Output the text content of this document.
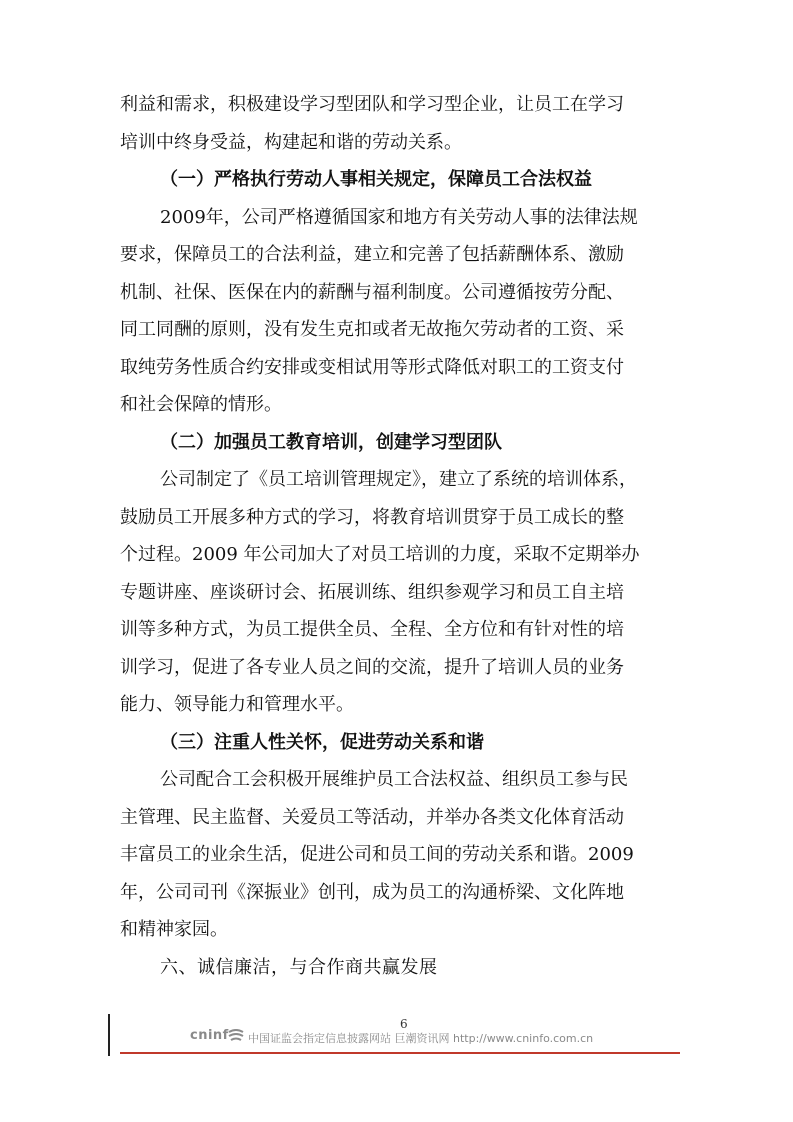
利益和需求，积极建设学习型团队和学习型企业，让员工在学习
培训中终身受益，构建起和谐的劳动关系。
（一）严格执行劳动人事相关规定，保障员工合法权益
2009年，公司严格遵循国家和地方有关劳动人事的法律法规
要求，保障员工的合法利益，建立和完善了包括薪酬体系、激励
机制、社保、医保在内的薪酬与福利制度。公司遵循按劳分配、
同工同酬的原则，没有发生克扣或者无故拖欠劳动者的工资、采
取纯劳务性质合约安排或变相试用等形式降低对职工的工资支付
和社会保障的情形。
（二）加强员工教育培训，创建学习型团队
公司制定了《员工培训管理规定》，建立了系统的培训体系，
鼓励员工开展多种方式的学习，将教育培训贯穿于员工成长的整
个过程。2009 年公司加大了对员工培训的力度，采取不定期举办
专题讲座、座谈研讨会、拓展训练、组织参观学习和员工自主培
训等多种方式，为员工提供全员、全程、全方位和有针对性的培
训学习，促进了各专业人员之间的交流，提升了培训人员的业务
能力、领导能力和管理水平。
（三）注重人性关怀，促进劳动关系和谐
公司配合工会积极开展维护员工合法权益、组织员工参与民
主管理、民主监督、关爱员工等活动，并举办各类文化体育活动
丰富员工的业余生活，促进公司和员工间的劳动关系和谐。2009
年，公司司刊《深振业》创刊，成为员工的沟通桥梁、文化阵地
和精神家园。
六、诚信廉洁，与合作商共赢发展
6
cninf 中国证监会指定信息披露网站 巨潮资讯网 http://www.cninfo.com.cn
